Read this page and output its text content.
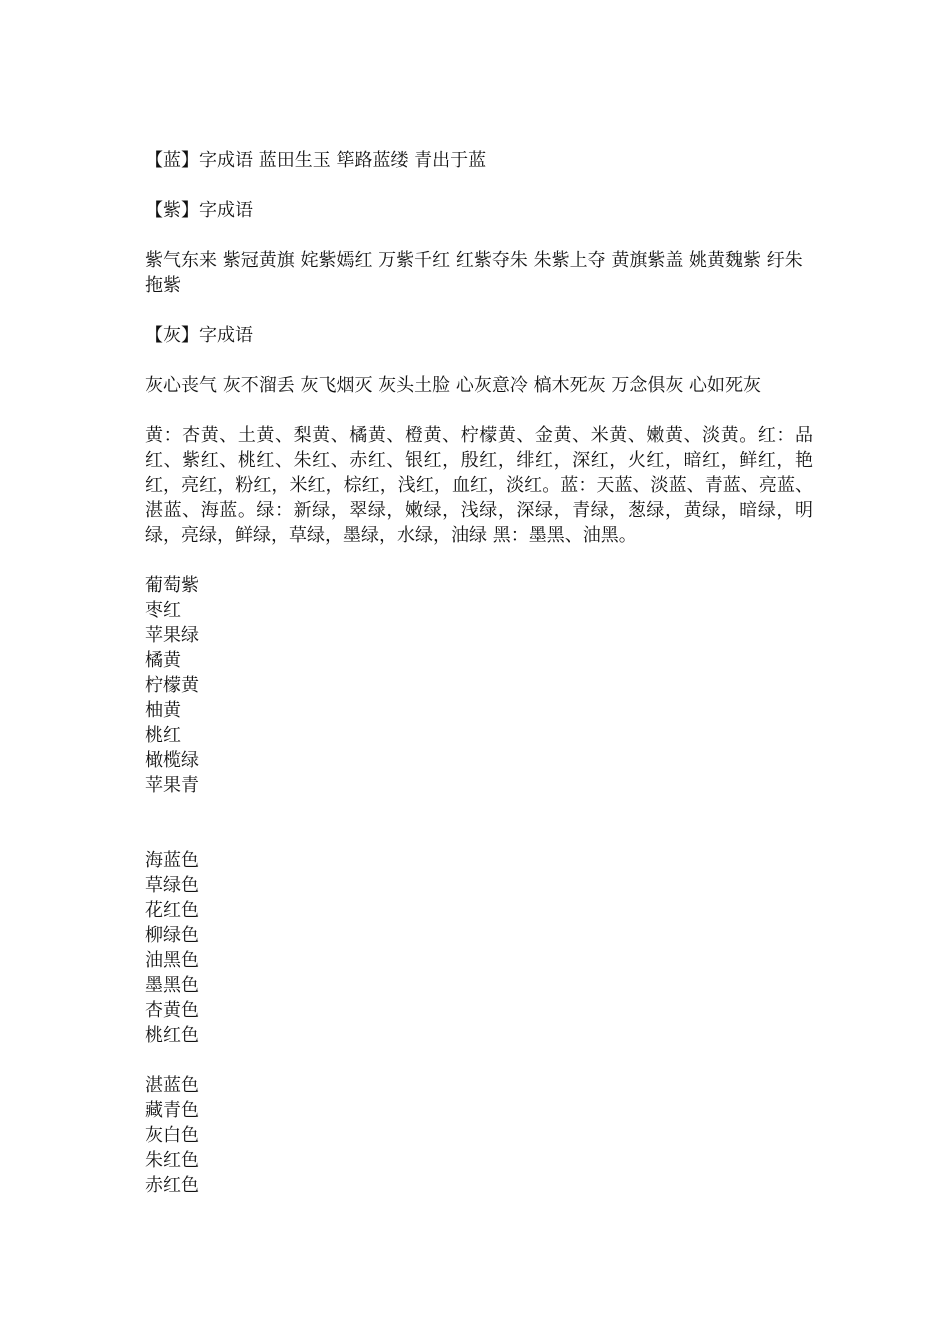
【蓝】字成语 蓝田生玉 筚路蓝缕 青出于蓝

【紫】字成语

紫气东来 紫冠黄旗 姹紫嫣红 万紫千红 红紫夺朱 朱紫上夺 黄旗紫盖 姚黄魏紫 纡朱拖紫

【灰】字成语

灰心丧气 灰不溜丢 灰飞烟灭 灰头土脸 心灰意冷 槁木死灰 万念俱灰 心如死灰

黄：杏黄、土黄、梨黄、橘黄、橙黄、柠檬黄、金黄、米黄、嫩黄、淡黄。红：品红、紫红、桃红、朱红、赤红、银红，殷红，绯红，深红，火红，暗红，鲜红，艳红，亮红，粉红，米红，棕红，浅红，血红，淡红。蓝：天蓝、淡蓝、青蓝、亮蓝、湛蓝、海蓝。绿：新绿，翠绿，嫩绿，浅绿，深绿，青绿，葱绿，黄绿，暗绿，明绿，亮绿，鲜绿，草绿，墨绿，水绿，油绿 黑：墨黑、油黑。

葡萄紫

枣红

苹果绿

橘黄

柠檬黄

柚黄

桃红

橄榄绿

苹果青

海蓝色

草绿色

花红色

柳绿色

油黑色

墨黑色

杏黄色

桃红色

湛蓝色

藏青色

灰白色

朱红色

赤红色
